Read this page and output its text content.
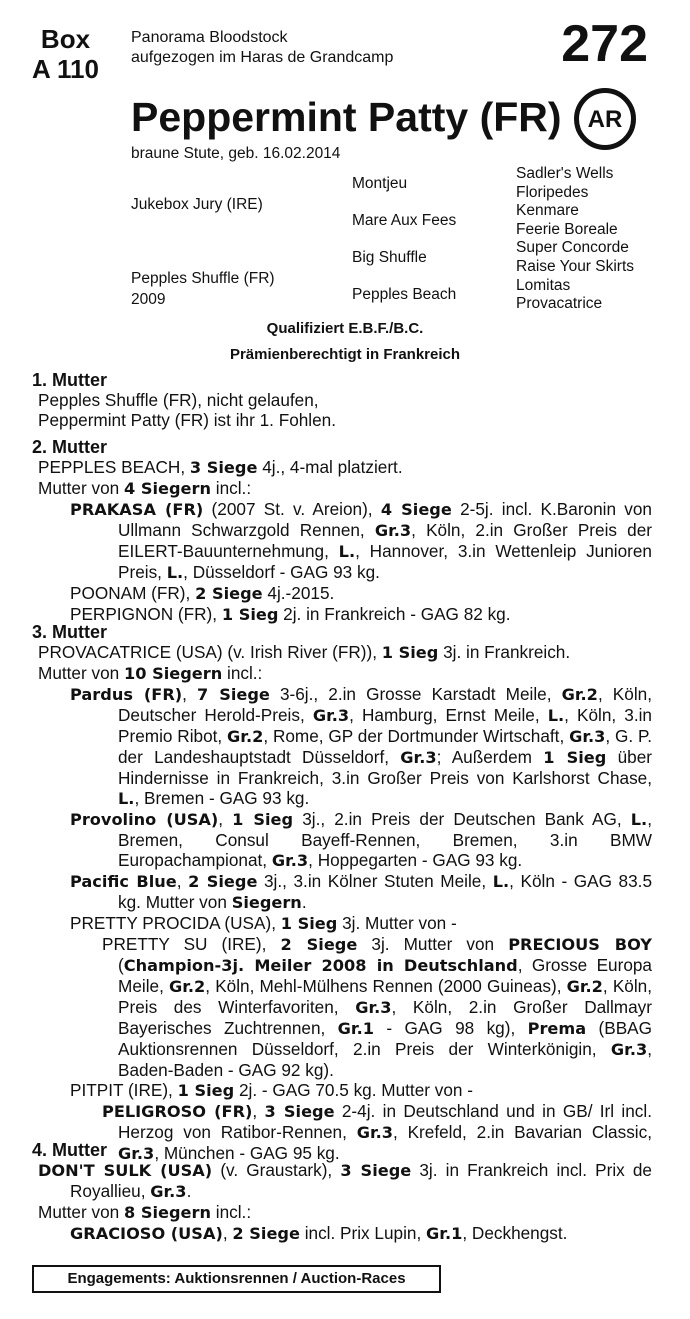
Box
A 110
Panorama Bloodstock
aufgezogen im Haras de Grandcamp	272
Peppermint Patty (FR)	AR
braune Stute, geb. 16.02.2014
Jukebox Jury (IRE)
Pepples Shuffle (FR)
2009
Montjeu
Mare Aux Fees
Big Shuffle
Pepples Beach
Sadler's Wells
Floripedes
Kenmare
Feerie Boreale
Super Concorde
Raise Your Skirts
Lomitas
Provacatrice
Qualifiziert E.B.F./B.C.
Prämienberechtigt in Frankreich
1. Mutter
Pepples Shuffle (FR), nicht gelaufen,
Peppermint Patty (FR) ist ihr 1. Fohlen.
2. Mutter
PEPPLES BEACH, 3 Siege 4j., 4-mal platziert.
Mutter von 4 Siegern incl.:
PRAKASA (FR) (2007 St. v. Areion), 4 Siege 2-5j. incl. K.Baronin von Ullmann Schwarzgold Rennen, Gr.3, Köln, 2.in Großer Preis der EILERT-Bauunternehmung, L., Hannover, 3.in Wettenleip Junioren Preis, L., Düsseldorf - GAG 93 kg.
POONAM (FR), 2 Siege 4j.-2015.
PERPIGNON (FR), 1 Sieg 2j. in Frankreich - GAG 82 kg.
3. Mutter
PROVACATRICE (USA) (v. Irish River (FR)), 1 Sieg 3j. in Frankreich.
Mutter von 10 Siegern incl.:
Pardus (FR), 7 Siege 3-6j., 2.in Grosse Karstadt Meile, Gr.2, Köln, Deutscher Herold-Preis, Gr.3, Hamburg, Ernst Meile, L., Köln, 3.in Premio Ribot, Gr.2, Rome, GP der Dortmunder Wirtschaft, Gr.3, G. P. der Landeshauptstadt Düsseldorf, Gr.3; Außerdem 1 Sieg über Hindernisse in Frankreich, 3.in Großer Preis von Karlshorst Chase, L., Bremen - GAG 93 kg.
Provolino (USA), 1 Sieg 3j., 2.in Preis der Deutschen Bank AG, L., Bremen, Consul Bayeff-Rennen, Bremen, 3.in BMW Europachampionat, Gr.3, Hoppegarten - GAG 93 kg.
Pacific Blue, 2 Siege 3j., 3.in Kölner Stuten Meile, L., Köln - GAG 83.5 kg. Mutter von Siegern.
PRETTY PROCIDA (USA), 1 Sieg 3j. Mutter von -
PRETTY SU (IRE), 2 Siege 3j. Mutter von PRECIOUS BOY (Champion-3j. Meiler 2008 in Deutschland, Grosse Europa Meile, Gr.2, Köln, Mehl-Mülhens Rennen (2000 Guineas), Gr.2, Köln, Preis des Winterfavoriten, Gr.3, Köln, 2.in Großer Dallmayr Bayerisches Zuchtrennen, Gr.1 - GAG 98 kg), Prema (BBAG Auktionsrennen Düsseldorf, 2.in Preis der Winterkönigin, Gr.3, Baden-Baden - GAG 92 kg).
PITPIT (IRE), 1 Sieg 2j. - GAG 70.5 kg. Mutter von -
PELIGROSO (FR), 3 Siege 2-4j. in Deutschland und in GB/ Irl incl. Herzog von Ratibor-Rennen, Gr.3, Krefeld, 2.in Bavarian Classic, Gr.3, München - GAG 95 kg.
4. Mutter
DON'T SULK (USA) (v. Graustark), 3 Siege 3j. in Frankreich incl. Prix de Royallieu, Gr.3.
Mutter von 8 Siegern incl.:
GRACIOSO (USA), 2 Siege incl. Prix Lupin, Gr.1, Deckhengst.
Engagements: Auktionsrennen / Auction-Races
